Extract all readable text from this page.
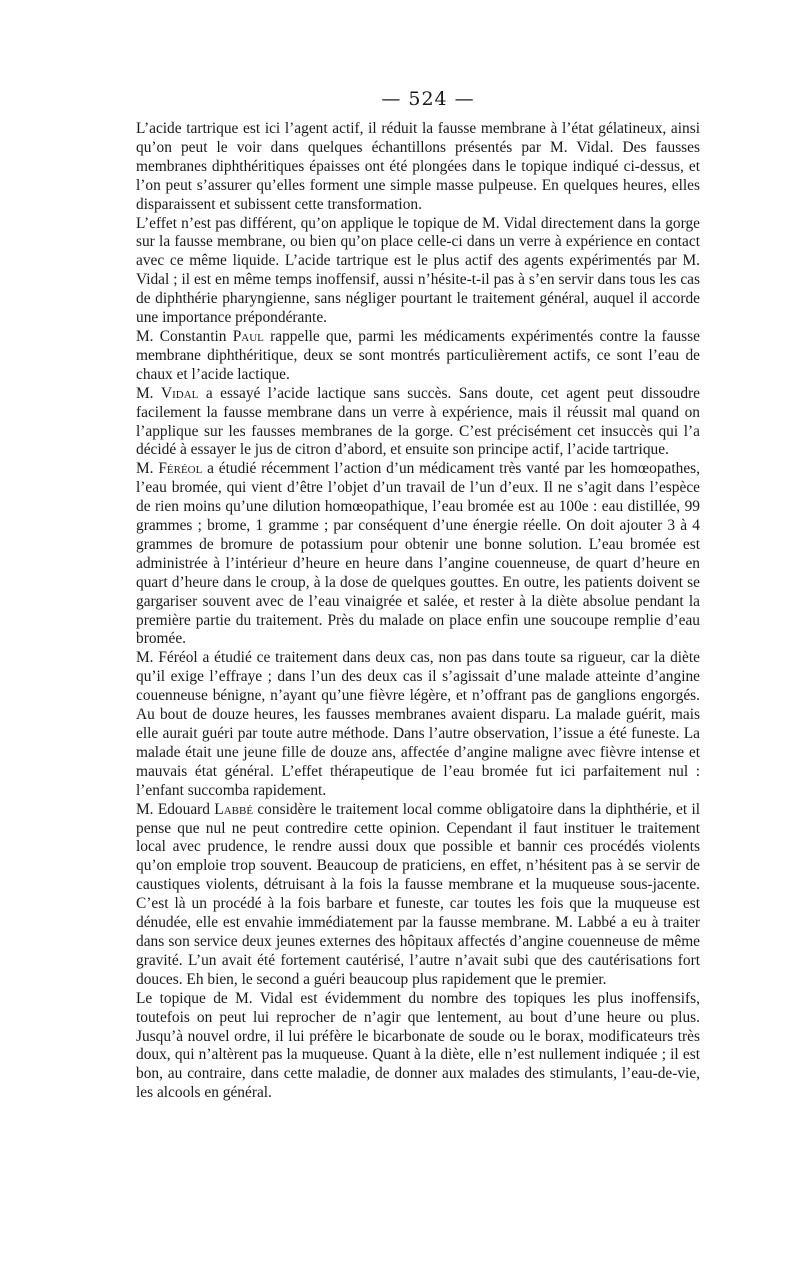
— 524 —

L’acide tartrique est ici l’agent actif, il réduit la fausse membrane à l’état gélatineux, ainsi qu’on peut le voir dans quelques échantillons présentés par M. Vidal. Des fausses membranes diphthéritiques épaisses ont été plongées dans le topique indiqué ci-dessus, et l’on peut s’assurer qu’elles forment une simple masse pulpeuse. En quelques heures, elles disparaissent et subissent cette transformation.

L’effet n’est pas différent, qu’on applique le topique de M. Vidal directement dans la gorge sur la fausse membrane, ou bien qu’on place celle-ci dans un verre à expérience en contact avec ce même liquide. L’acide tartrique est le plus actif des agents expérimentés par M. Vidal ; il est en même temps inoffensif, aussi n’hésite-t-il pas à s’en servir dans tous les cas de diphthérie pharyngienne, sans négliger pourtant le traitement général, auquel il accorde une importance prépondérante.

M. Constantin Paul rappelle que, parmi les médicaments expérimentés contre la fausse membrane diphthéritique, deux se sont montrés particulièrement actifs, ce sont l’eau de chaux et l’acide lactique.

M. Vidal a essayé l’acide lactique sans succès. Sans doute, cet agent peut dissoudre facilement la fausse membrane dans un verre à expérience, mais il réussit mal quand on l’applique sur les fausses membranes de la gorge. C’est précisément cet insuccès qui l’a décidé à essayer le jus de citron d’abord, et ensuite son principe actif, l’acide tartrique.

M. Féréol a étudié récemment l’action d’un médicament très vanté par les homœopathes, l’eau bromée, qui vient d’être l’objet d’un travail de l’un d’eux. Il ne s’agit dans l’espèce de rien moins qu’une dilution homœopathique, l’eau bromée est au 100e : eau distillée, 99 grammes ; brome, 1 gramme ; par conséquent d’une énergie réelle. On doit ajouter 3 à 4 grammes de bromure de potassium pour obtenir une bonne solution. L’eau bromée est administrée à l’intérieur d’heure en heure dans l’angine couenneuse, de quart d’heure en quart d’heure dans le croup, à la dose de quelques gouttes. En outre, les patients doivent se gargariser souvent avec de l’eau vinaigrée et salée, et rester à la diète absolue pendant la première partie du traitement. Près du malade on place enfin une soucoupe remplie d’eau bromée.

M. Féréol a étudié ce traitement dans deux cas, non pas dans toute sa rigueur, car la diète qu’il exige l’effraye ; dans l’un des deux cas il s’agissait d’une malade atteinte d’angine couenneuse bénigne, n’ayant qu’une fièvre légère, et n’offrant pas de ganglions engorgés. Au bout de douze heures, les fausses membranes avaient disparu. La malade guérit, mais elle aurait guéri par toute autre méthode. Dans l’autre observation, l’issue a été funeste. La malade était une jeune fille de douze ans, affectée d’angine maligne avec fièvre intense et mauvais état général. L’effet thérapeutique de l’eau bromée fut ici parfaitement nul : l’enfant succomba rapidement.

M. Edouard Labbé considère le traitement local comme obligatoire dans la diphthérie, et il pense que nul ne peut contredire cette opinion. Cependant il faut instituer le traitement local avec prudence, le rendre aussi doux que possible et bannir ces procédés violents qu’on emploie trop souvent. Beaucoup de praticiens, en effet, n’hésitent pas à se servir de caustiques violents, détruisant à la fois la fausse membrane et la muqueuse sous-jacente. C’est là un procédé à la fois barbare et funeste, car toutes les fois que la muqueuse est dénudée, elle est envahie immédiatement par la fausse membrane. M. Labbé a eu à traiter dans son service deux jeunes externes des hôpitaux affectés d’angine couenneuse de même gravité. L’un avait été fortement cautérisé, l’autre n’avait subi que des cautérisations fort douces. Eh bien, le second a guéri beaucoup plus rapidement que le premier.

Le topique de M. Vidal est évidemment du nombre des topiques les plus inoffensifs, toutefois on peut lui reprocher de n’agir que lentement, au bout d’une heure ou plus. Jusqu’à nouvel ordre, il lui préfère le bicarbonate de soude ou le borax, modificateurs très doux, qui n’altèrent pas la muqueuse. Quant à la diète, elle n’est nullement indiquée ; il est bon, au contraire, dans cette maladie, de donner aux malades des stimulants, l’eau-de-vie, les alcools en général.
